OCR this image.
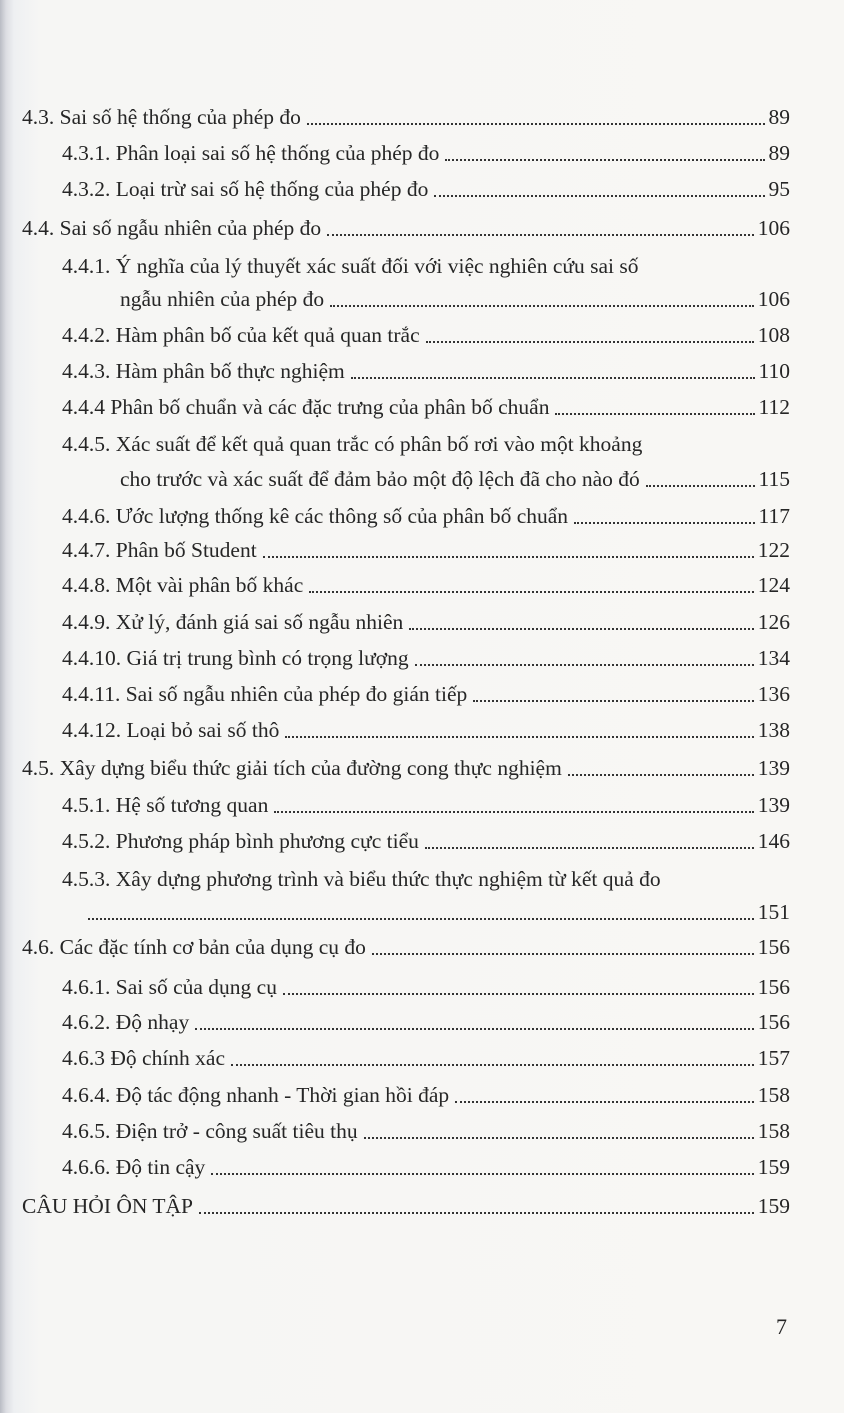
4.3. Sai số hệ thống của phép đo	89
4.3.1. Phân loại sai số hệ thống của phép đo	89
4.3.2. Loại trừ sai số hệ thống của phép đo	95
4.4. Sai số ngẫu nhiên của phép đo	106
4.4.1. Ý nghĩa của lý thuyết xác suất đối với việc nghiên cứu sai số
ngẫu nhiên của phép đo	106
4.4.2. Hàm phân bố của kết quả quan trắc	108
4.4.3. Hàm phân bố thực nghiệm	110
4.4.4 Phân bố chuẩn và các đặc trưng của phân bố chuẩn	112
4.4.5. Xác suất để kết quả quan trắc có phân bố rơi vào một khoảng
cho trước và xác suất để đảm bảo một độ lệch đã cho nào đó	115
4.4.6. Ước lượng thống kê các thông số của phân bố chuẩn	117
4.4.7. Phân bố Student	122
4.4.8. Một vài phân bố khác	124
4.4.9. Xử lý, đánh giá sai số ngẫu nhiên	126
4.4.10. Giá trị trung bình có trọng lượng	134
4.4.11. Sai số ngẫu nhiên của phép đo gián tiếp	136
4.4.12. Loại bỏ sai số thô	138
4.5. Xây dựng biểu thức giải tích của đường cong thực nghiệm	139
4.5.1. Hệ số tương quan	139
4.5.2. Phương pháp bình phương cực tiểu	146
4.5.3. Xây dựng phương trình và biểu thức thực nghiệm từ kết quả đo
151
4.6. Các đặc tính cơ bản của dụng cụ đo	156
4.6.1. Sai số của dụng cụ	156
4.6.2. Độ nhạy	156
4.6.3 Độ chính xác	157
4.6.4. Độ tác động nhanh - Thời gian hồi đáp	158
4.6.5. Điện trở - công suất tiêu thụ	158
4.6.6. Độ tin cậy	159
CÂU HỎI ÔN TẬP	159
7
